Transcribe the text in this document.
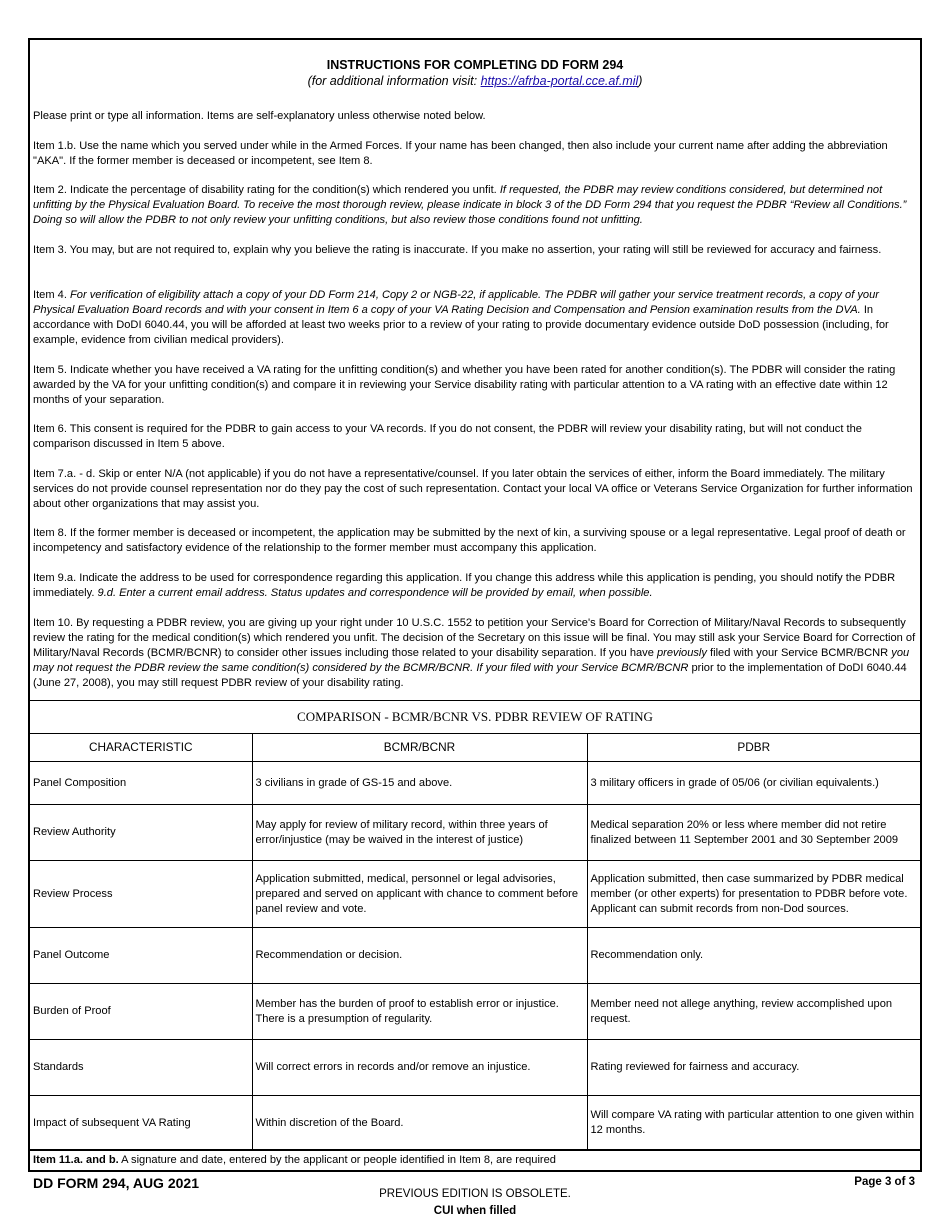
INSTRUCTIONS FOR COMPLETING DD FORM 294
(for additional information visit: https://afrba-portal.cce.af.mil)

Please print or type all information. Items are self-explanatory unless otherwise noted below.

Item 1.b. Use the name which you served under while in the Armed Forces. If your name has been changed, then also include your current name after adding the abbreviation "AKA". If the former member is deceased or incompetent, see Item 8.

Item 2. Indicate the percentage of disability rating for the condition(s) which rendered you unfit. If requested, the PDBR may review conditions considered, but determined not unfitting by the Physical Evaluation Board. To receive the most thorough review, please indicate in block 3 of the DD Form 294 that you request the PDBR “Review all Conditions.” Doing so will allow the PDBR to not only review your unfitting conditions, but also review those conditions found not unfitting.

Item 3. You may, but are not required to, explain why you believe the rating is inaccurate. If you make no assertion, your rating will still be reviewed for accuracy and fairness.

Item 4. For verification of eligibility attach a copy of your DD Form 214, Copy 2 or NGB-22, if applicable. The PDBR will gather your service treatment records, a copy of your Physical Evaluation Board records and with your consent in Item 6 a copy of your VA Rating Decision and Compensation and Pension examination results from the DVA. In accordance with DoDI 6040.44, you will be afforded at least two weeks prior to a review of your rating to provide documentary evidence outside DoD possession (including, for example, evidence from civilian medical providers).

Item 5. Indicate whether you have received a VA rating for the unfitting condition(s) and whether you have been rated for another condition(s). The PDBR will consider the rating awarded by the VA for your unfitting condition(s) and compare it in reviewing your Service disability rating with particular attention to a VA rating with an effective date within 12 months of your separation.

Item 6. This consent is required for the PDBR to gain access to your VA records. If you do not consent, the PDBR will review your disability rating, but will not conduct the comparison discussed in Item 5 above.

Item 7.a. - d. Skip or enter N/A (not applicable) if you do not have a representative/counsel. If you later obtain the services of either, inform the Board immediately. The military services do not provide counsel representation nor do they pay the cost of such representation. Contact your local VA office or Veterans Service Organization for further information about other organizations that may assist you.

Item 8. If the former member is deceased or incompetent, the application may be submitted by the next of kin, a surviving spouse or a legal representative. Legal proof of death or incompetency and satisfactory evidence of the relationship to the former member must accompany this application.

Item 9.a. Indicate the address to be used for correspondence regarding this application. If you change this address while this application is pending, you should notify the PDBR immediately. 9.d. Enter a current email address. Status updates and correspondence will be provided by email, when possible.

Item 10. By requesting a PDBR review, you are giving up your right under 10 U.S.C. 1552 to petition your Service's Board for Correction of Military/Naval Records to subsequently review the rating for the medical condition(s) which rendered you unfit. The decision of the Secretary on this issue will be final. You may still ask your Service Board for Correction of Military/Naval Records (BCMR/BCNR) to consider other issues including those related to your disability separation. If you have previously filed with your Service BCMR/BCNR you may not request the PDBR review the same condition(s) considered by the BCMR/BCNR. If your filed with your Service BCMR/BCNR prior to the implementation of DoDI 6040.44 (June 27, 2008), you may still request PDBR review of your disability rating.

COMPARISON - BCMR/BCNR VS. PDBR REVIEW OF RATING
CHARACTERISTIC	BCMR/BCNR	PDBR
Panel Composition	3 civilians in grade of GS-15 and above.	3 military officers in grade of 05/06 (or civilian equivalents.)
Review Authority	May apply for review of military record, within three years of error/injustice (may be waived in the interest of justice)	Medical separation 20% or less where member did not retire finalized between 11 September 2001 and 30 September 2009
Review Process	Application submitted, medical, personnel or legal advisories, prepared and served on applicant with chance to comment before panel review and vote.	Application submitted, then case summarized by PDBR medical member (or other experts) for presentation to PDBR before vote. Applicant can submit records from non-Dod sources.
Panel Outcome	Recommendation or decision.	Recommendation only.
Burden of Proof	Member has the burden of proof to establish error or injustice. There is a presumption of regularity.	Member need not allege anything, review accomplished upon request.
Standards	Will correct errors in records and/or remove an injustice.	Rating reviewed for fairness and accuracy.
Impact of subsequent VA Rating	Within discretion of the Board.	Will compare VA rating with particular attention to one given within 12 months.
Item 11.a. and b. A signature and date, entered by the applicant or people identified in Item 8, are required
DD FORM 294, AUG 2021	Page 3 of 3
PREVIOUS EDITION IS OBSOLETE.
CUI when filled
